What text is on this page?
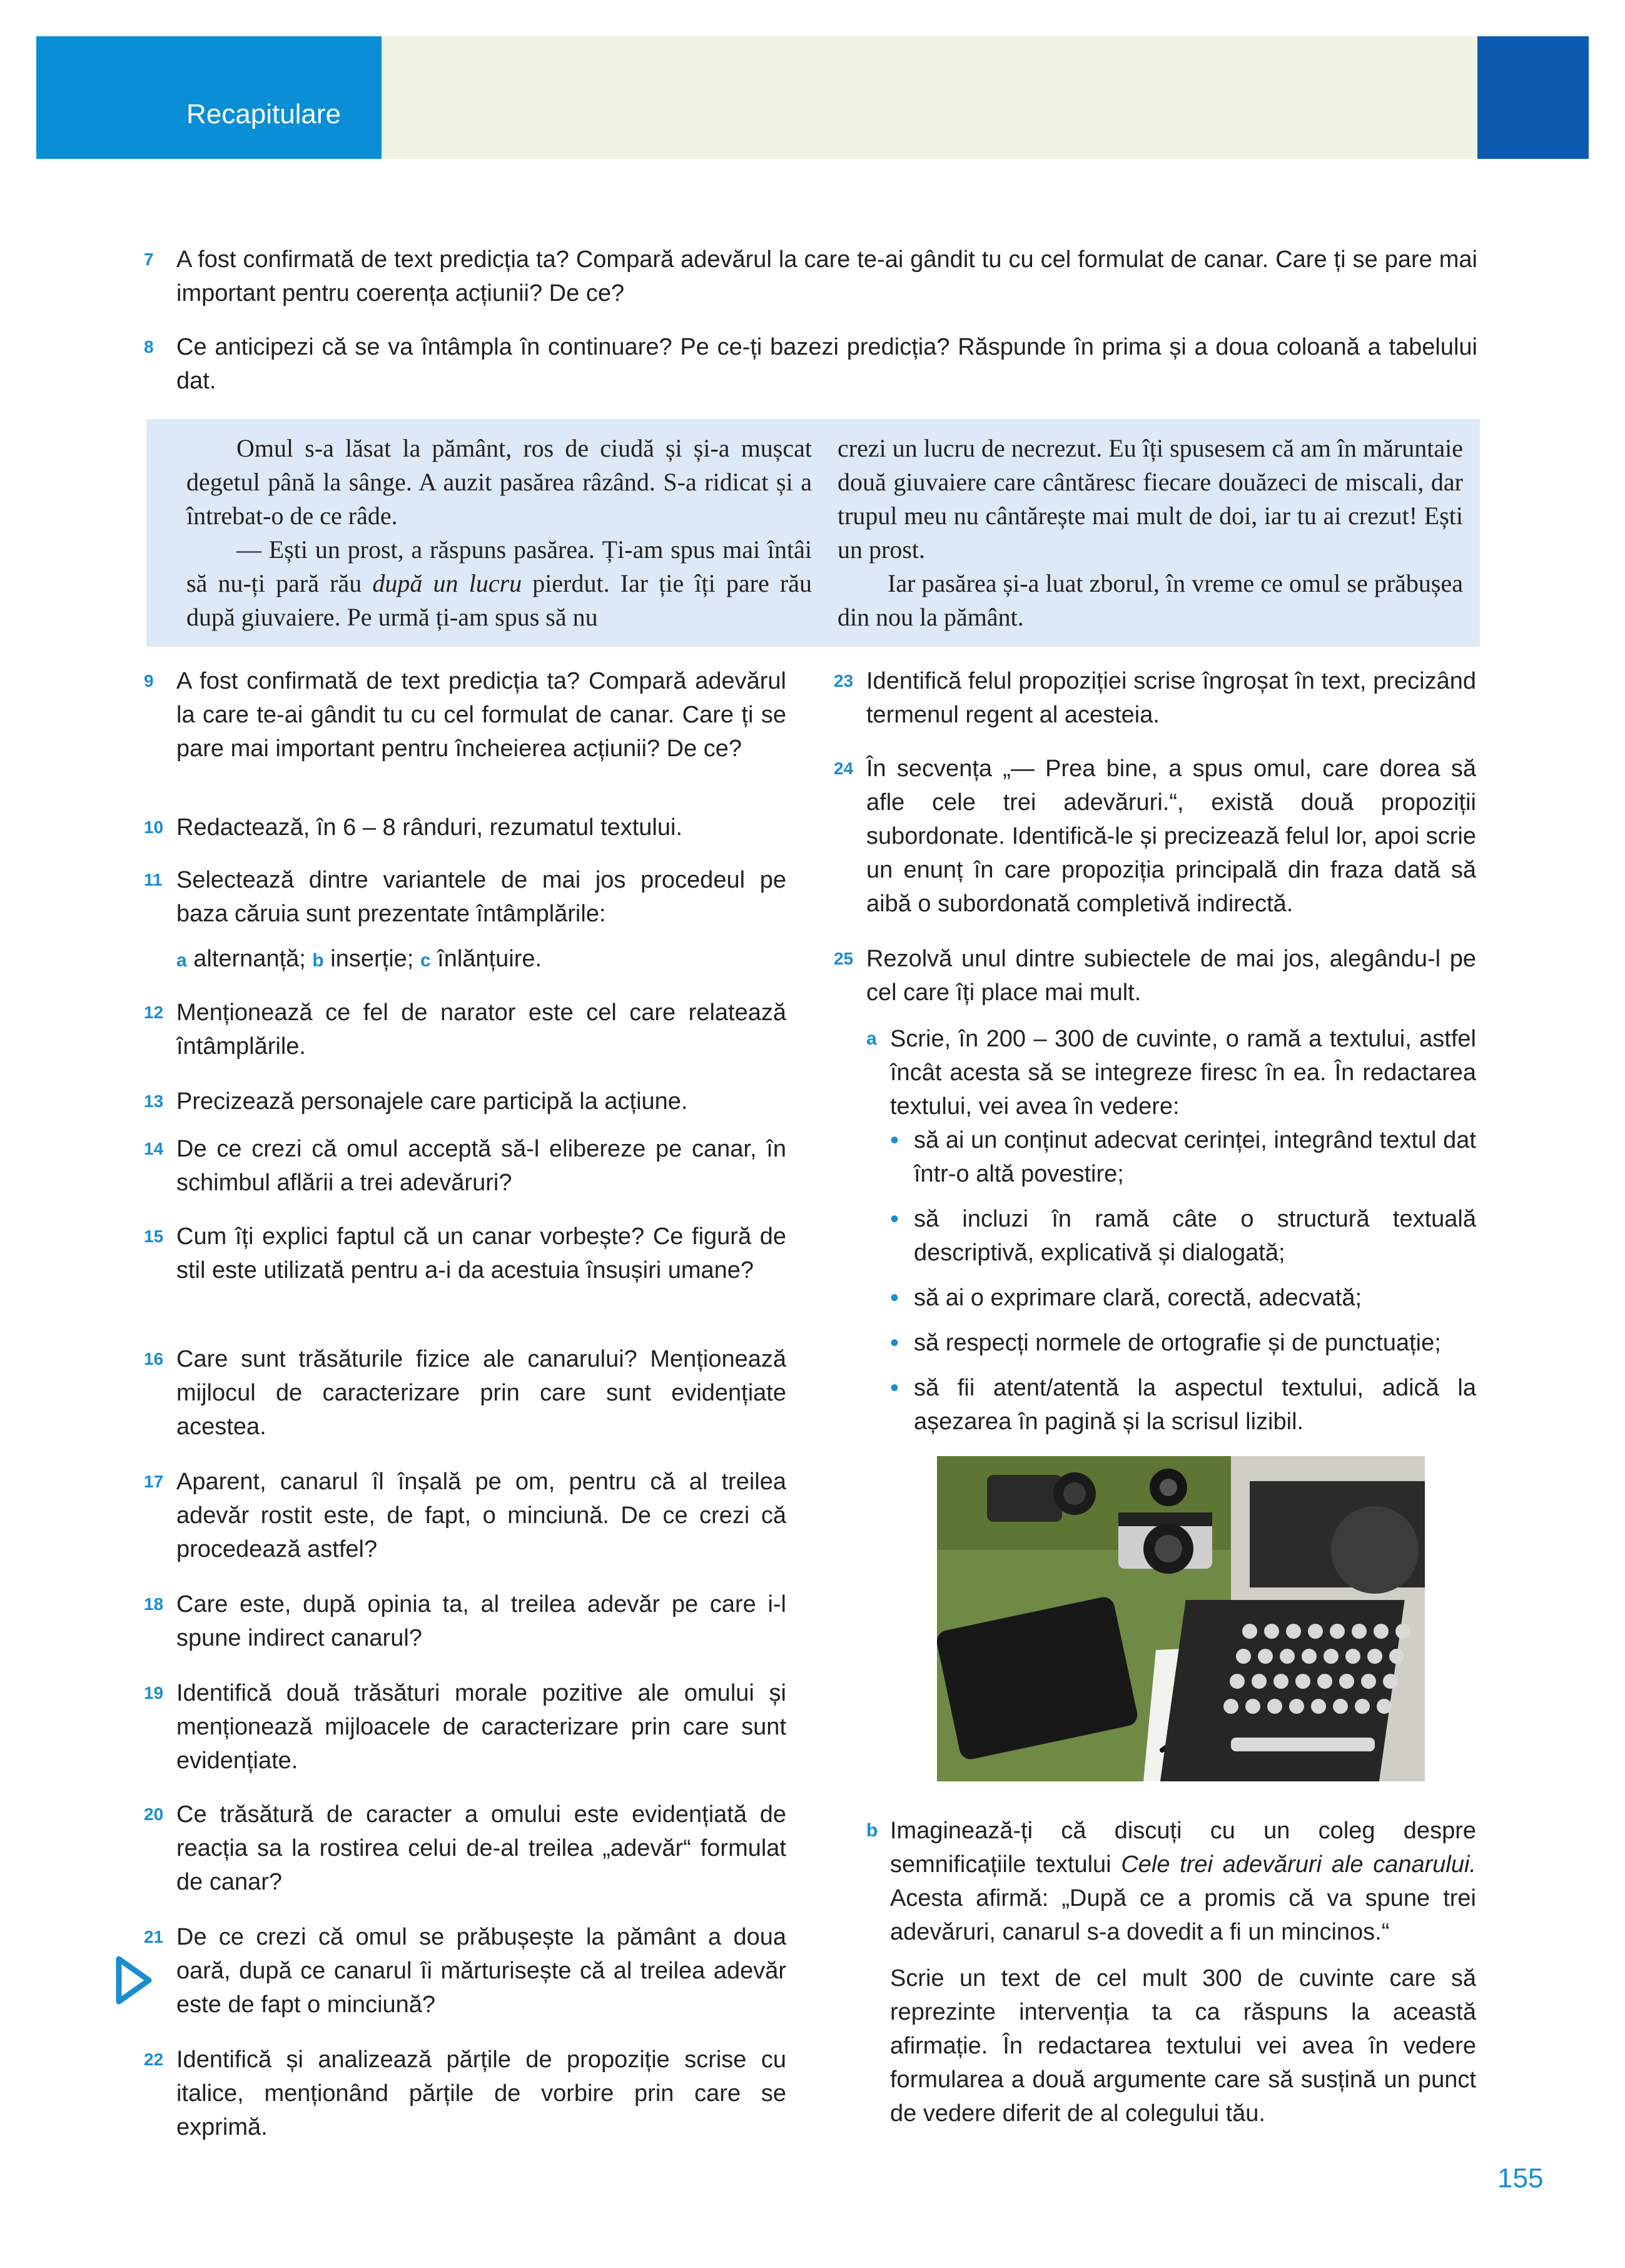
Recapitulare
7 A fost confirmată de text predicția ta? Compară adevărul la care te-ai gândit tu cu cel formulat de canar. Care ți se pare mai important pentru coerența acțiunii? De ce?
8 Ce anticipezi că se va întâmpla în continuare? Pe ce-ți bazezi predicția? Răspunde în prima și a doua coloană a tabelului dat.

Omul s-a lăsat la pământ, ros de ciudă și și-a mușcat degetul până la sânge. A auzit pasărea râzând. S-a ridicat și a întrebat-o de ce râde.

— Ești un prost, a răspuns pasărea. Ți-am spus mai întâi să nu-ți pară rău după un lucru pierdut. Iar ție îți pare rău după giuvaiere. Pe urmă ți-am spus să nu

crezi un lucru de necrezut. Eu îți spusesem că am în măruntaie două giuvaiere care cântăresc fiecare douăzeci de miscali, dar trupul meu nu cântărește mai mult de doi, iar tu ai crezut! Ești un prost.

Iar pasărea și-a luat zborul, în vreme ce omul se prăbușea din nou la pământ.

9 A fost confirmată de text predicția ta? Compară adevărul la care te-ai gândit tu cu cel formulat de canar. Care ți se pare mai important pentru încheierea acțiunii? De ce?
10 Redactează, în 6 – 8 rânduri, rezumatul textului.
11 Selectează dintre variantele de mai jos procedeul pe baza căruia sunt prezentate întâmplările:
a alternanță; b inserție; c înlănțuire.
12 Menționează ce fel de narator este cel care relatează întâmplările.
13 Precizează personajele care participă la acțiune.
14 De ce crezi că omul acceptă să-l elibereze pe canar, în schimbul aflării a trei adevăruri?
15 Cum îți explici faptul că un canar vorbește? Ce figură de stil este utilizată pentru a-i da acestuia însușiri umane?
16 Care sunt trăsăturile fizice ale canarului? Menționează mijlocul de caracterizare prin care sunt evidențiate acestea.
17 Aparent, canarul îl înșală pe om, pentru că al treilea adevăr rostit este, de fapt, o minciună. De ce crezi că procedează astfel?
18 Care este, după opinia ta, al treilea adevăr pe care i-l spune indirect canarul?
19 Identifică două trăsături morale pozitive ale omului și menționează mijloacele de caracterizare prin care sunt evidențiate.
20 Ce trăsătură de caracter a omului este evidențiată de reacția sa la rostirea celui de-al treilea „adevăr“ formulat de canar?
21 De ce crezi că omul se prăbușește la pământ a doua oară, după ce canarul îi mărturisește că al treilea adevăr este de fapt o minciună?
22 Identifică și analizează părțile de propoziție scrise cu italice, menționând părțile de vorbire prin care se exprimă.
23 Identifică felul propoziției scrise îngroșat în text, precizând termenul regent al acesteia.
24 În secvența „— Prea bine, a spus omul, care dorea să afle cele trei adevăruri.“, există două propoziții subordonate. Identifică-le și precizează felul lor, apoi scrie un enunț în care propoziția principală din fraza dată să aibă o subordonată completivă indirectă.
25 Rezolvă unul dintre subiectele de mai jos, alegându-l pe cel care îți place mai mult.
a Scrie, în 200 – 300 de cuvinte, o ramă a textului, astfel încât acesta să se integreze firesc în ea. În redactarea textului, vei avea în vedere:
• să ai un conținut adecvat cerinței, integrând textul dat într-o altă povestire;
• să incluzi în ramă câte o structură textuală descriptivă, explicativă și dialogată;
• să ai o exprimare clară, corectă, adecvată;
• să respecți normele de ortografie și de punctuație;
• să fii atent/atentă la aspectul textului, adică la așezarea în pagină și la scrisul lizibil.
b Imaginează-ți că discuți cu un coleg despre semnificațiile textului Cele trei adevăruri ale canarului. Acesta afirmă: „După ce a promis că va spune trei adevăruri, canarul s-a dovedit a fi un mincinos.“
Scrie un text de cel mult 300 de cuvinte care să reprezinte intervenția ta ca răspuns la această afirmație. În redactarea textului vei avea în vedere formularea a două argumente care să susțină un punct de vedere diferit de al colegului tău.
155
